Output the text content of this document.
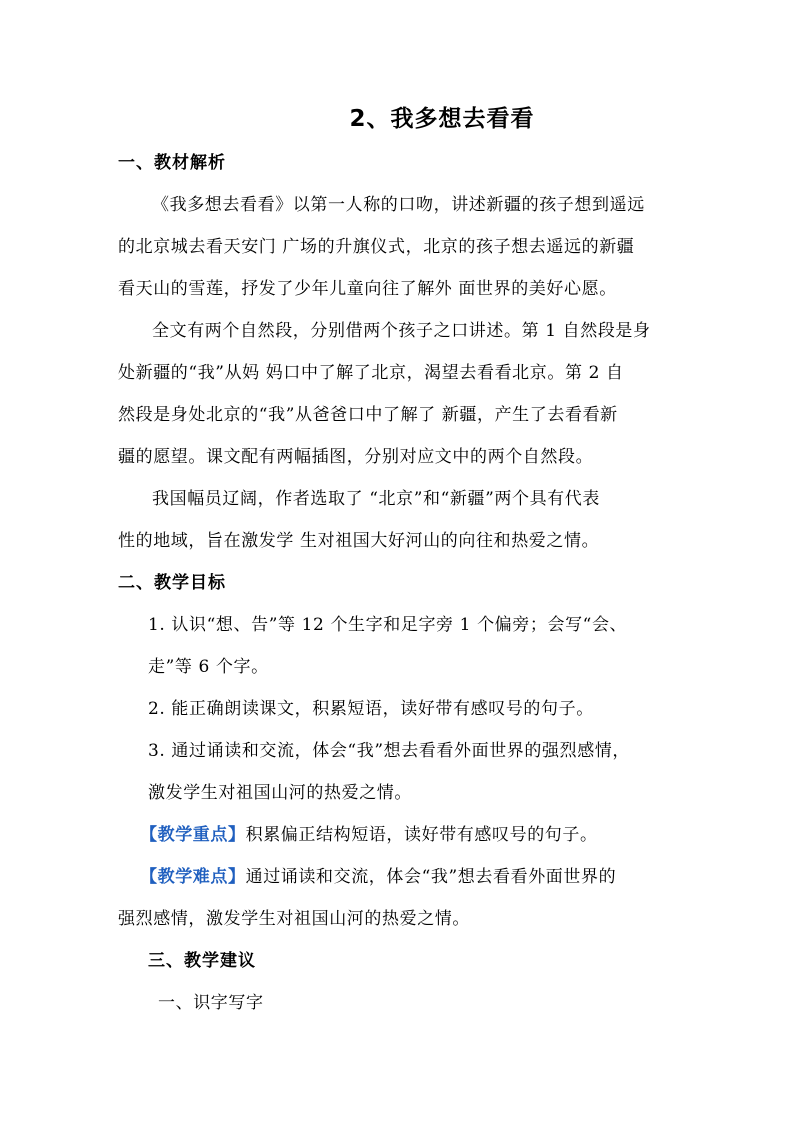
2、我多想去看看
一、教材解析
《我多想去看看》以第一人称的口吻，讲述新疆的孩子想到遥远
的北京城去看天安门 广场的升旗仪式，北京的孩子想去遥远的新疆
看天山的雪莲，抒发了少年儿童向往了解外 面世界的美好心愿。
全文有两个自然段，分别借两个孩子之口讲述。第 1 自然段是身
处新疆的“我”从妈 妈口中了解了北京，渴望去看看北京。第 2 自
然段是身处北京的“我”从爸爸口中了解了 新疆，产生了去看看新
疆的愿望。课文配有两幅插图，分别对应文中的两个自然段。
我国幅员辽阔，作者选取了 “北京”和“新疆”两个具有代表
性的地域，旨在激发学 生对祖国大好河山的向往和热爱之情。
二、教学目标
1. 认识“想、告”等 12 个生字和足字旁 1 个偏旁；会写“会、
走”等 6 个字。
2. 能正确朗读课文，积累短语，读好带有感叹号的句子。
3. 通过诵读和交流，体会“我”想去看看外面世界的强烈感情，
激发学生对祖国山河的热爱之情。
【教学重点】积累偏正结构短语，读好带有感叹号的句子。
【教学难点】通过诵读和交流，体会“我”想去看看外面世界的
强烈感情，激发学生对祖国山河的热爱之情。
三、教学建议
一、识字写字
